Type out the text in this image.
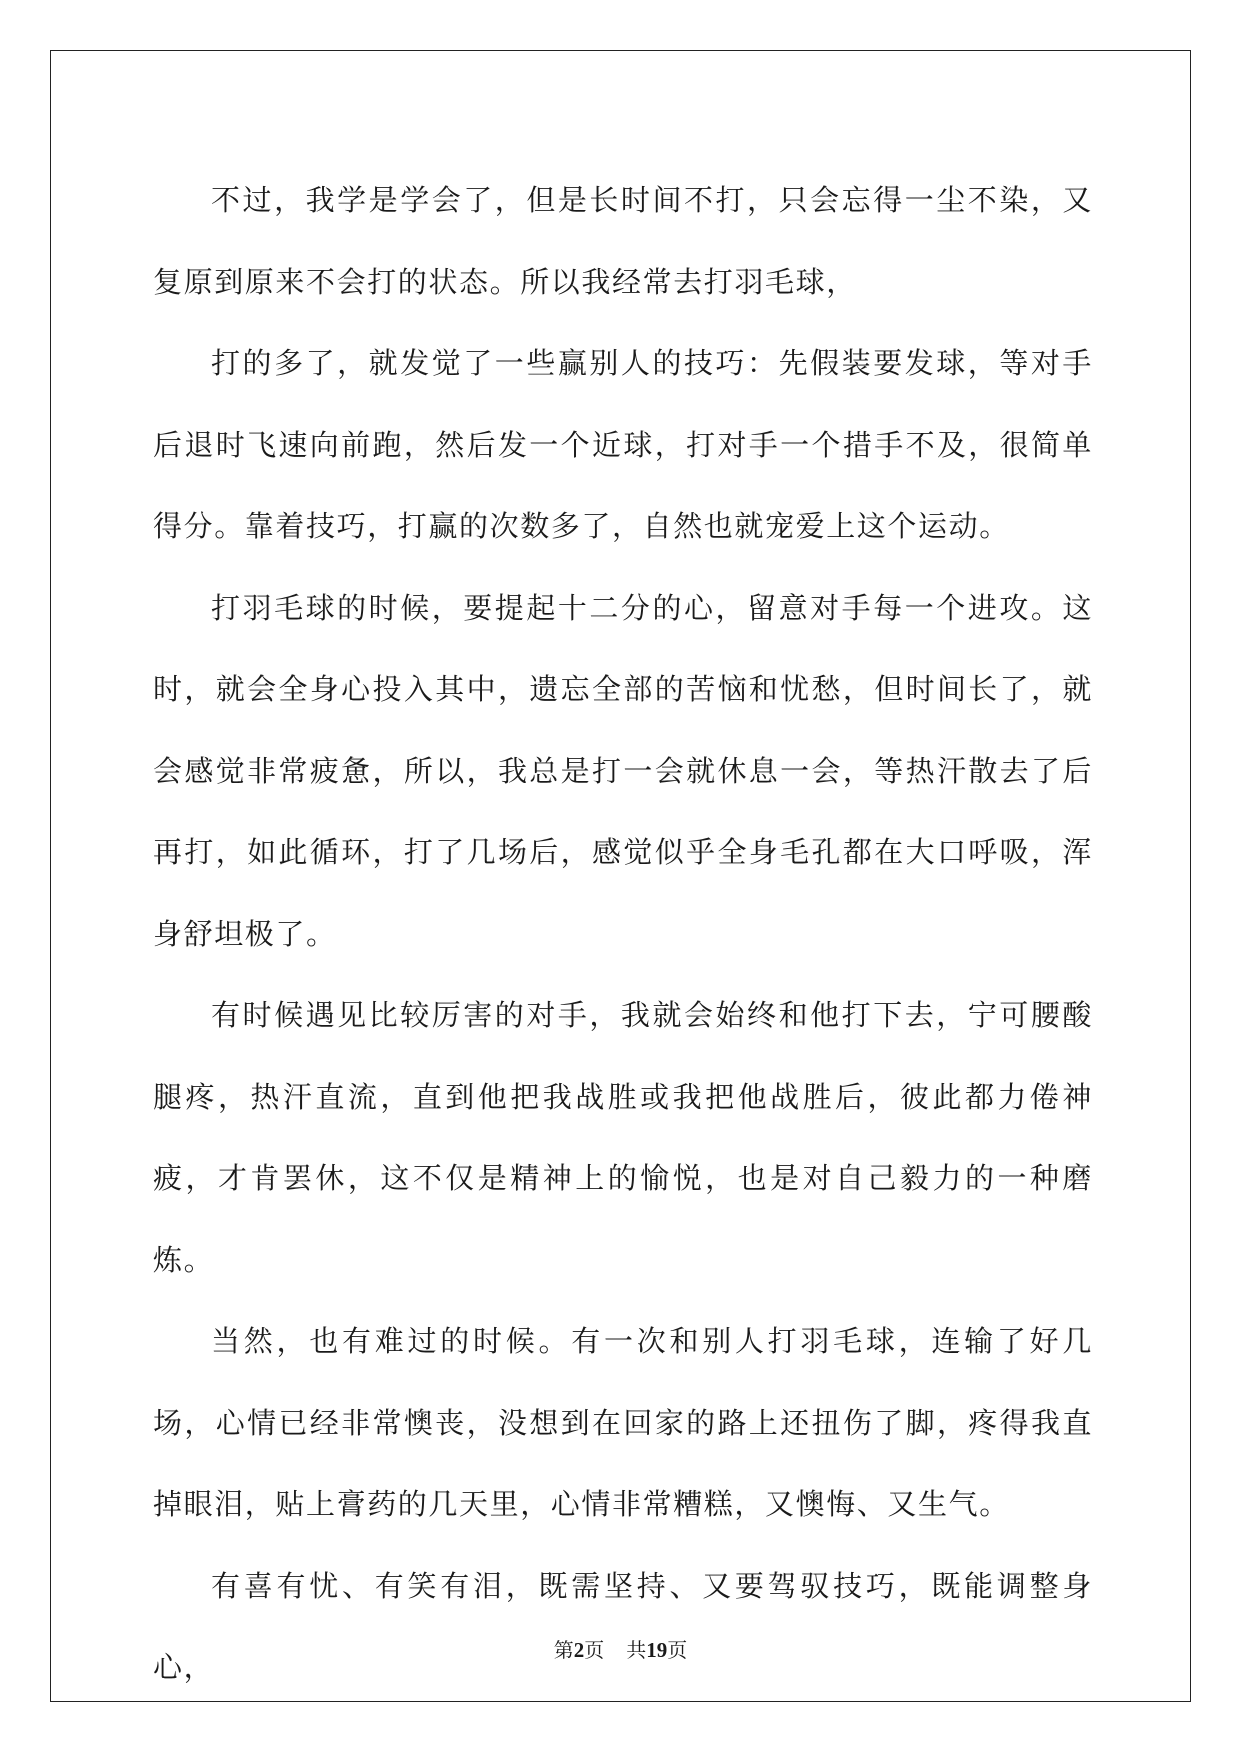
不过，我学是学会了，但是长时间不打，只会忘得一尘不染，又复原到原来不会打的状态。所以我经常去打羽毛球，

打的多了，就发觉了一些赢别人的技巧：先假装要发球，等对手后退时飞速向前跑，然后发一个近球，打对手一个措手不及，很简单得分。靠着技巧，打赢的次数多了，自然也就宠爱上这个运动。

打羽毛球的时候，要提起十二分的心，留意对手每一个进攻。这时，就会全身心投入其中，遗忘全部的苦恼和忧愁，但时间长了，就会感觉非常疲惫，所以，我总是打一会就休息一会，等热汗散去了后再打，如此循环，打了几场后，感觉似乎全身毛孔都在大口呼吸，浑身舒坦极了。

有时候遇见比较厉害的对手，我就会始终和他打下去，宁可腰酸腿疼，热汗直流，直到他把我战胜或我把他战胜后，彼此都力倦神疲，才肯罢休，这不仅是精神上的愉悦，也是对自己毅力的一种磨炼。

当然，也有难过的时候。有一次和别人打羽毛球，连输了好几场，心情已经非常懊丧，没想到在回家的路上还扭伤了脚，疼得我直掉眼泪，贴上膏药的几天里，心情非常糟糕，又懊悔、又生气。

有喜有忧、有笑有泪，既需坚持、又要驾驭技巧，既能调整身心，	第2页 共19页
